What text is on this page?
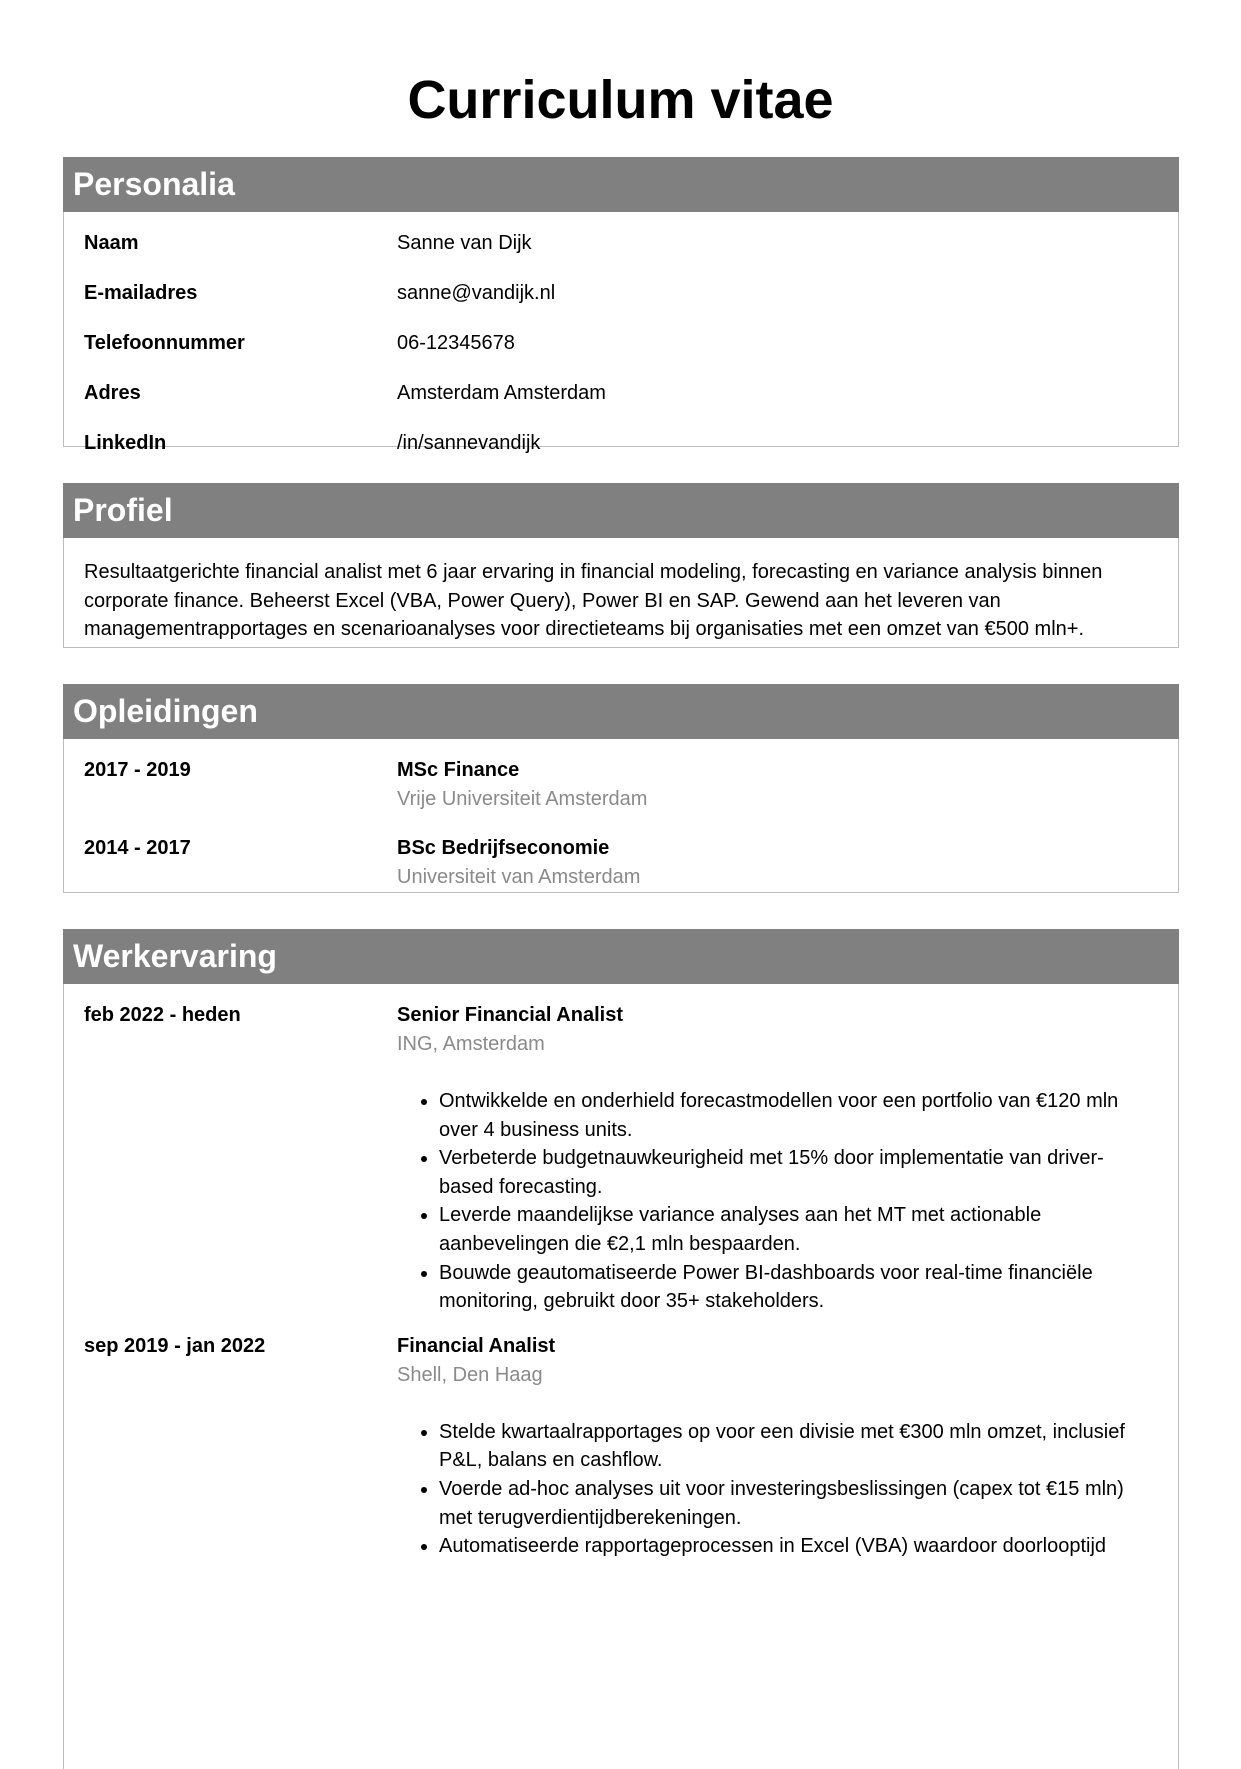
Curriculum vitae
Personalia
Naam	Sanne van Dijk
E-mailadres	sanne@vandijk.nl
Telefoonnummer	06-12345678
Adres	Amsterdam Amsterdam
LinkedIn	/in/sannevandijk
Profiel
Resultaatgerichte financial analist met 6 jaar ervaring in financial modeling, forecasting en variance analysis binnen corporate finance. Beheerst Excel (VBA, Power Query), Power BI en SAP. Gewend aan het leveren van managementrapportages en scenarioanalyses voor directieteams bij organisaties met een omzet van €500 mln+.
Opleidingen
2017 - 2019	MSc Finance
Vrije Universiteit Amsterdam
2014 - 2017	BSc Bedrijfseconomie
Universiteit van Amsterdam
Werkervaring
feb 2022 - heden	Senior Financial Analist
ING, Amsterdam
• Ontwikkelde en onderhield forecastmodellen voor een portfolio van €120 mln over 4 business units.
• Verbeterde budgetnauwkeurigheid met 15% door implementatie van driver-based forecasting.
• Leverde maandelijkse variance analyses aan het MT met actionable aanbevelingen die €2,1 mln bespaarden.
• Bouwde geautomatiseerde Power BI-dashboards voor real-time financiële monitoring, gebruikt door 35+ stakeholders.
sep 2019 - jan 2022	Financial Analist
Shell, Den Haag
• Stelde kwartaalrapportages op voor een divisie met €300 mln omzet, inclusief P&L, balans en cashflow.
• Voerde ad-hoc analyses uit voor investeringsbeslissingen (capex tot €15 mln) met terugverdientijdberekeningen.
• Automatiseerde rapportageprocessen in Excel (VBA) waardoor doorlooptijd
